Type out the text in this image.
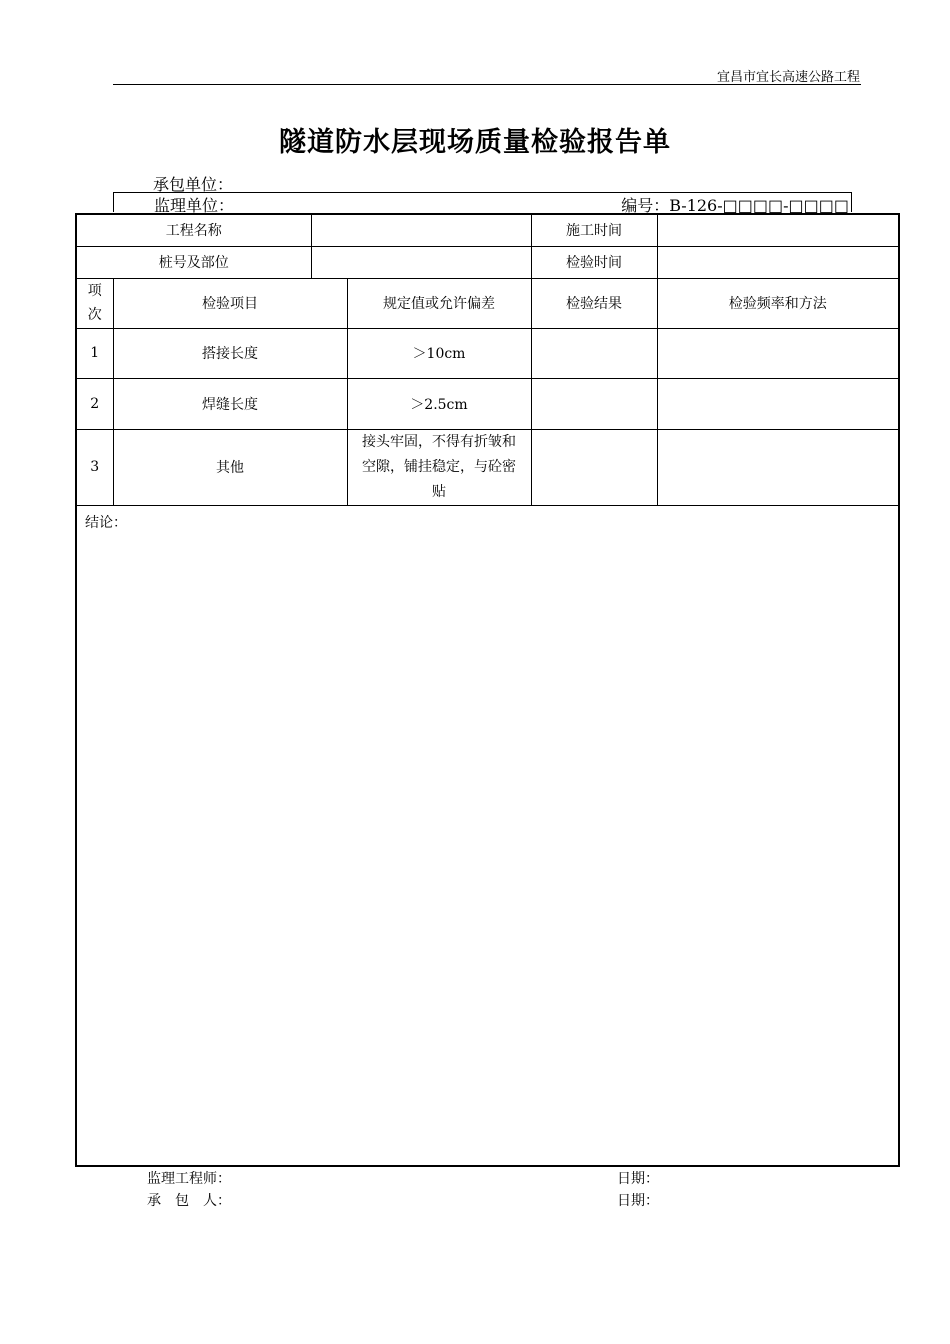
宜昌市宜长高速公路工程
隧道防水层现场质量检验报告单
承包单位：
监理单位：	编号：B-126-□□□□-□□□□
工程名称				施工时间	
桩号及部位				检验时间	
项次	检验项目		规定值或允许偏差	检验结果	检验频率和方法
1	搭接长度		＞10cm		
2	焊缝长度		＞2.5cm		
3	其他		接头牢固，不得有折皱和空隙，铺挂稳定，与砼密贴		
结论：					
监理工程师：	日期：
承　包　人：	日期：
